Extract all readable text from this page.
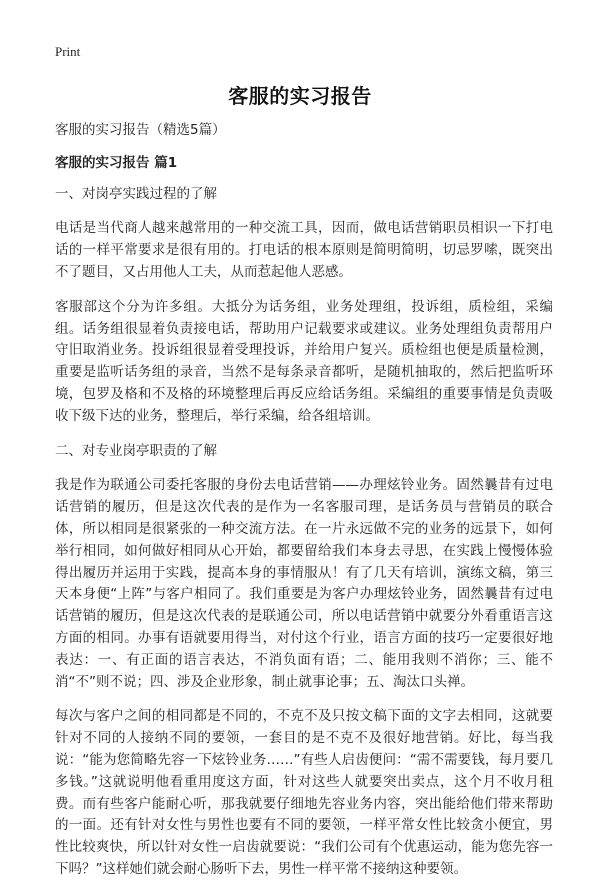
Print
客服的实习报告

客服的实习报告（精选5篇）

客服的实习报告 篇1

一、对岗亭实践过程的了解

电话是当代商人越来越常用的一种交流工具，因而，做电话营销职员相识一下打电话的一样平常要求是很有用的。打电话的根本原则是简明简明，切忌罗嗦，既突出不了题目，又占用他人工夫，从而惹起他人恶感。

客服部这个分为许多组。大抵分为话务组，业务处理组，投诉组，质检组，采编组。话务组很显着负责接电话，帮助用户记载要求或建议。业务处理组负责帮用户守旧取消业务。投诉组很显着受理投诉，并给用户复兴。质检组也便是质量检测，重要是监听话务组的录音，当然不是每条录音都听，是随机抽取的，然后把监听环境，包罗及格和不及格的环境整理后再反应给话务组。采编组的重要事情是负责吸收下级下达的业务，整理后，举行采编，给各组培训。

二、对专业岗亭职责的了解

我是作为联通公司委托客服的身份去电话营销——办理炫铃业务。固然曩昔有过电话营销的履历，但是这次代表的是作为一名客服司理，是话务员与营销员的联合体，所以相同是很紧张的一种交流方法。在一片永远做不完的业务的远景下，如何举行相同，如何做好相同从心开始，都要留给我们本身去寻思，在实践上慢慢体验得出履历并运用于实践，提高本身的事情服从！有了几天有培训，演练文稿，第三天本身便“上阵”与客户相同了。我们重要是为客户办理炫铃业务，固然曩昔有过电话营销的履历，但是这次代表的是联通公司，所以电话营销中就要分外看重语言这方面的相同。办事有语就要用得当，对付这个行业，语言方面的技巧一定要很好地表达：一、有正面的语言表达，不消负面有语；二、能用我则不消你；三、能不消“不”则不说；四、涉及企业形象，制止就事论事；五、淘汰口头禅。

每次与客户之间的相同都是不同的，不克不及只按文稿下面的文字去相同，这就要针对不同的人接纳不同的要领，一套目的是不克不及很好地营销。好比，每当我说：“能为您简略先容一下炫铃业务……”有些人启齿便问：“需不需要钱，每月要几多钱。”这就说明他看重用度这方面，针对这些人就要突出卖点，这个月不收月租费。而有些客户能耐心听，那我就要仔细地先容业务内容，突出能给他们带来帮助的一面。还有针对女性与男性也要有不同的要领，一样平常女性比较贪小便宜，男性比较爽快，所以针对女性一启齿就要说：“我们公司有个优惠运动，能为您先容一下吗？”这样她们就会耐心肠听下去，男性一样平常不接纳这种要领。
